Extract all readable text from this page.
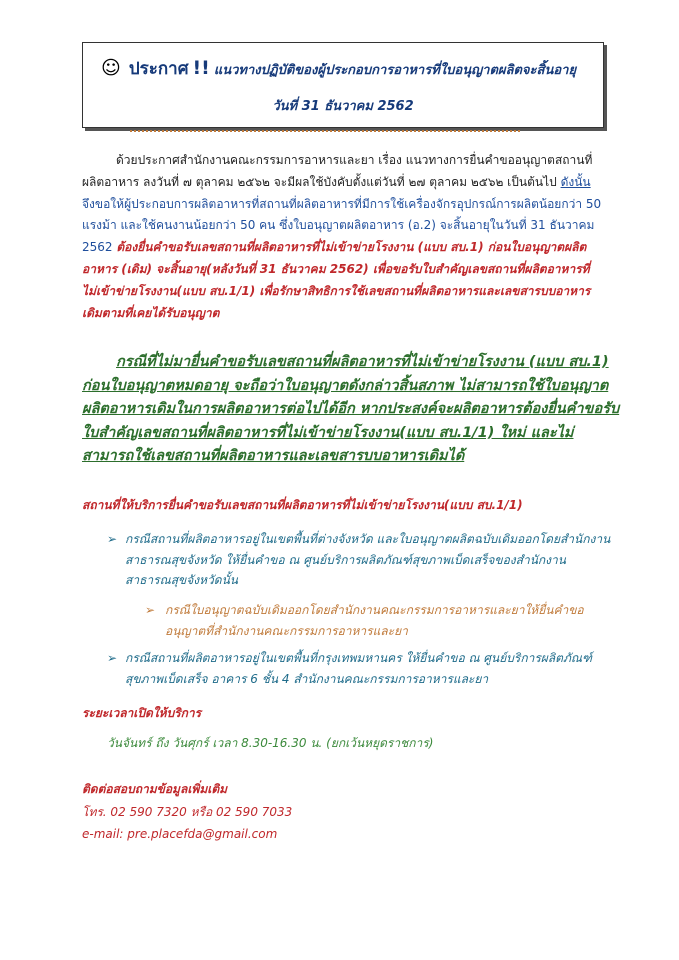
☺ ประกาศ !! แนวทางปฏิบัติของผู้ประกอบการอาหารที่ใบอนุญาตผลิตจะสิ้นอายุ
วันที่ 31 ธันวาคม 2562
ด้วยประกาศสำนักงานคณะกรรมการอาหารและยา เรื่อง แนวทางการยื่นคำขออนุญาตสถานที่ผลิตอาหาร ลงวันที่ ๗ ตุลาคม ๒๕๖๒ จะมีผลใช้บังคับตั้งแต่วันที่ ๒๗ ตุลาคม ๒๕๖๒ เป็นต้นไป ดังนั้น จึงขอให้ผู้ประกอบการผลิตอาหารที่สถานที่ผลิตอาหารที่มีการใช้เครื่องจักรอุปกรณ์การผลิตน้อยกว่า 50 แรงม้า และใช้คนงานน้อยกว่า 50 คน ซึ่งใบอนุญาตผลิตอาหาร (อ.2) จะสิ้นอายุในวันที่ 31 ธันวาคม 2562 ต้องยื่นคำขอรับเลขสถานที่ผลิตอาหารที่ไม่เข้าข่ายโรงงาน (แบบ สบ.1) ก่อนใบอนุญาตผลิตอาหาร (เดิม) จะสิ้นอายุ(หลังวันที่ 31 ธันวาคม 2562) เพื่อขอรับใบสำคัญเลขสถานที่ผลิตอาหารที่ไม่เข้าข่ายโรงงาน(แบบ สบ.1/1) เพื่อรักษาสิทธิการใช้เลขสถานที่ผลิตอาหารและเลขสารบบอาหารเดิมตามที่เคยได้รับอนุญาต
กรณีที่ไม่มายื่นคำขอรับเลขสถานที่ผลิตอาหารที่ไม่เข้าข่ายโรงงาน (แบบ สบ.1)
ก่อนใบอนุญาตหมดอายุ จะถือว่าใบอนุญาตดังกล่าวสิ้นสภาพ ไม่สามารถใช้ใบอนุญาตผลิตอาหารเดิมในการผลิตอาหารต่อไปได้อีก หากประสงค์จะผลิตอาหารต้องยื่นคำขอรับใบสำคัญเลขสถานที่ผลิตอาหารที่ไม่เข้าข่ายโรงงาน(แบบ สบ.1/1) ใหม่ และไม่สามารถใช้เลขสถานที่ผลิตอาหารและเลขสารบบอาหารเดิมได้
สถานที่ให้บริการยื่นคำขอรับเลขสถานที่ผลิตอาหารที่ไม่เข้าข่ายโรงงาน(แบบ สบ.1/1)
➢ กรณีสถานที่ผลิตอาหารอยู่ในเขตพื้นที่ต่างจังหวัด และใบอนุญาตผลิตฉบับเดิมออกโดยสำนักงานสาธารณสุขจังหวัด ให้ยื่นคำขอ ณ ศูนย์บริการผลิตภัณฑ์สุขภาพเบ็ดเสร็จของสำนักงานสาธารณสุขจังหวัดนั้น
➢ กรณีใบอนุญาตฉบับเดิมออกโดยสำนักงานคณะกรรมการอาหารและยาให้ยื่นคำขออนุญาตที่สำนักงานคณะกรรมการอาหารและยา
➢ กรณีสถานที่ผลิตอาหารอยู่ในเขตพื้นที่กรุงเทพมหานคร ให้ยื่นคำขอ ณ ศูนย์บริการผลิตภัณฑ์สุขภาพเบ็ดเสร็จ อาคาร 6 ชั้น 4 สำนักงานคณะกรรมการอาหารและยา
ระยะเวลาเปิดให้บริการ
วันจันทร์ ถึง วันศุกร์ เวลา 8.30-16.30 น. (ยกเว้นหยุดราชการ)
ติดต่อสอบถามข้อมูลเพิ่มเติม
โทร. 02 590 7320 หรือ 02 590 7033
e-mail: pre.placefda@gmail.com
